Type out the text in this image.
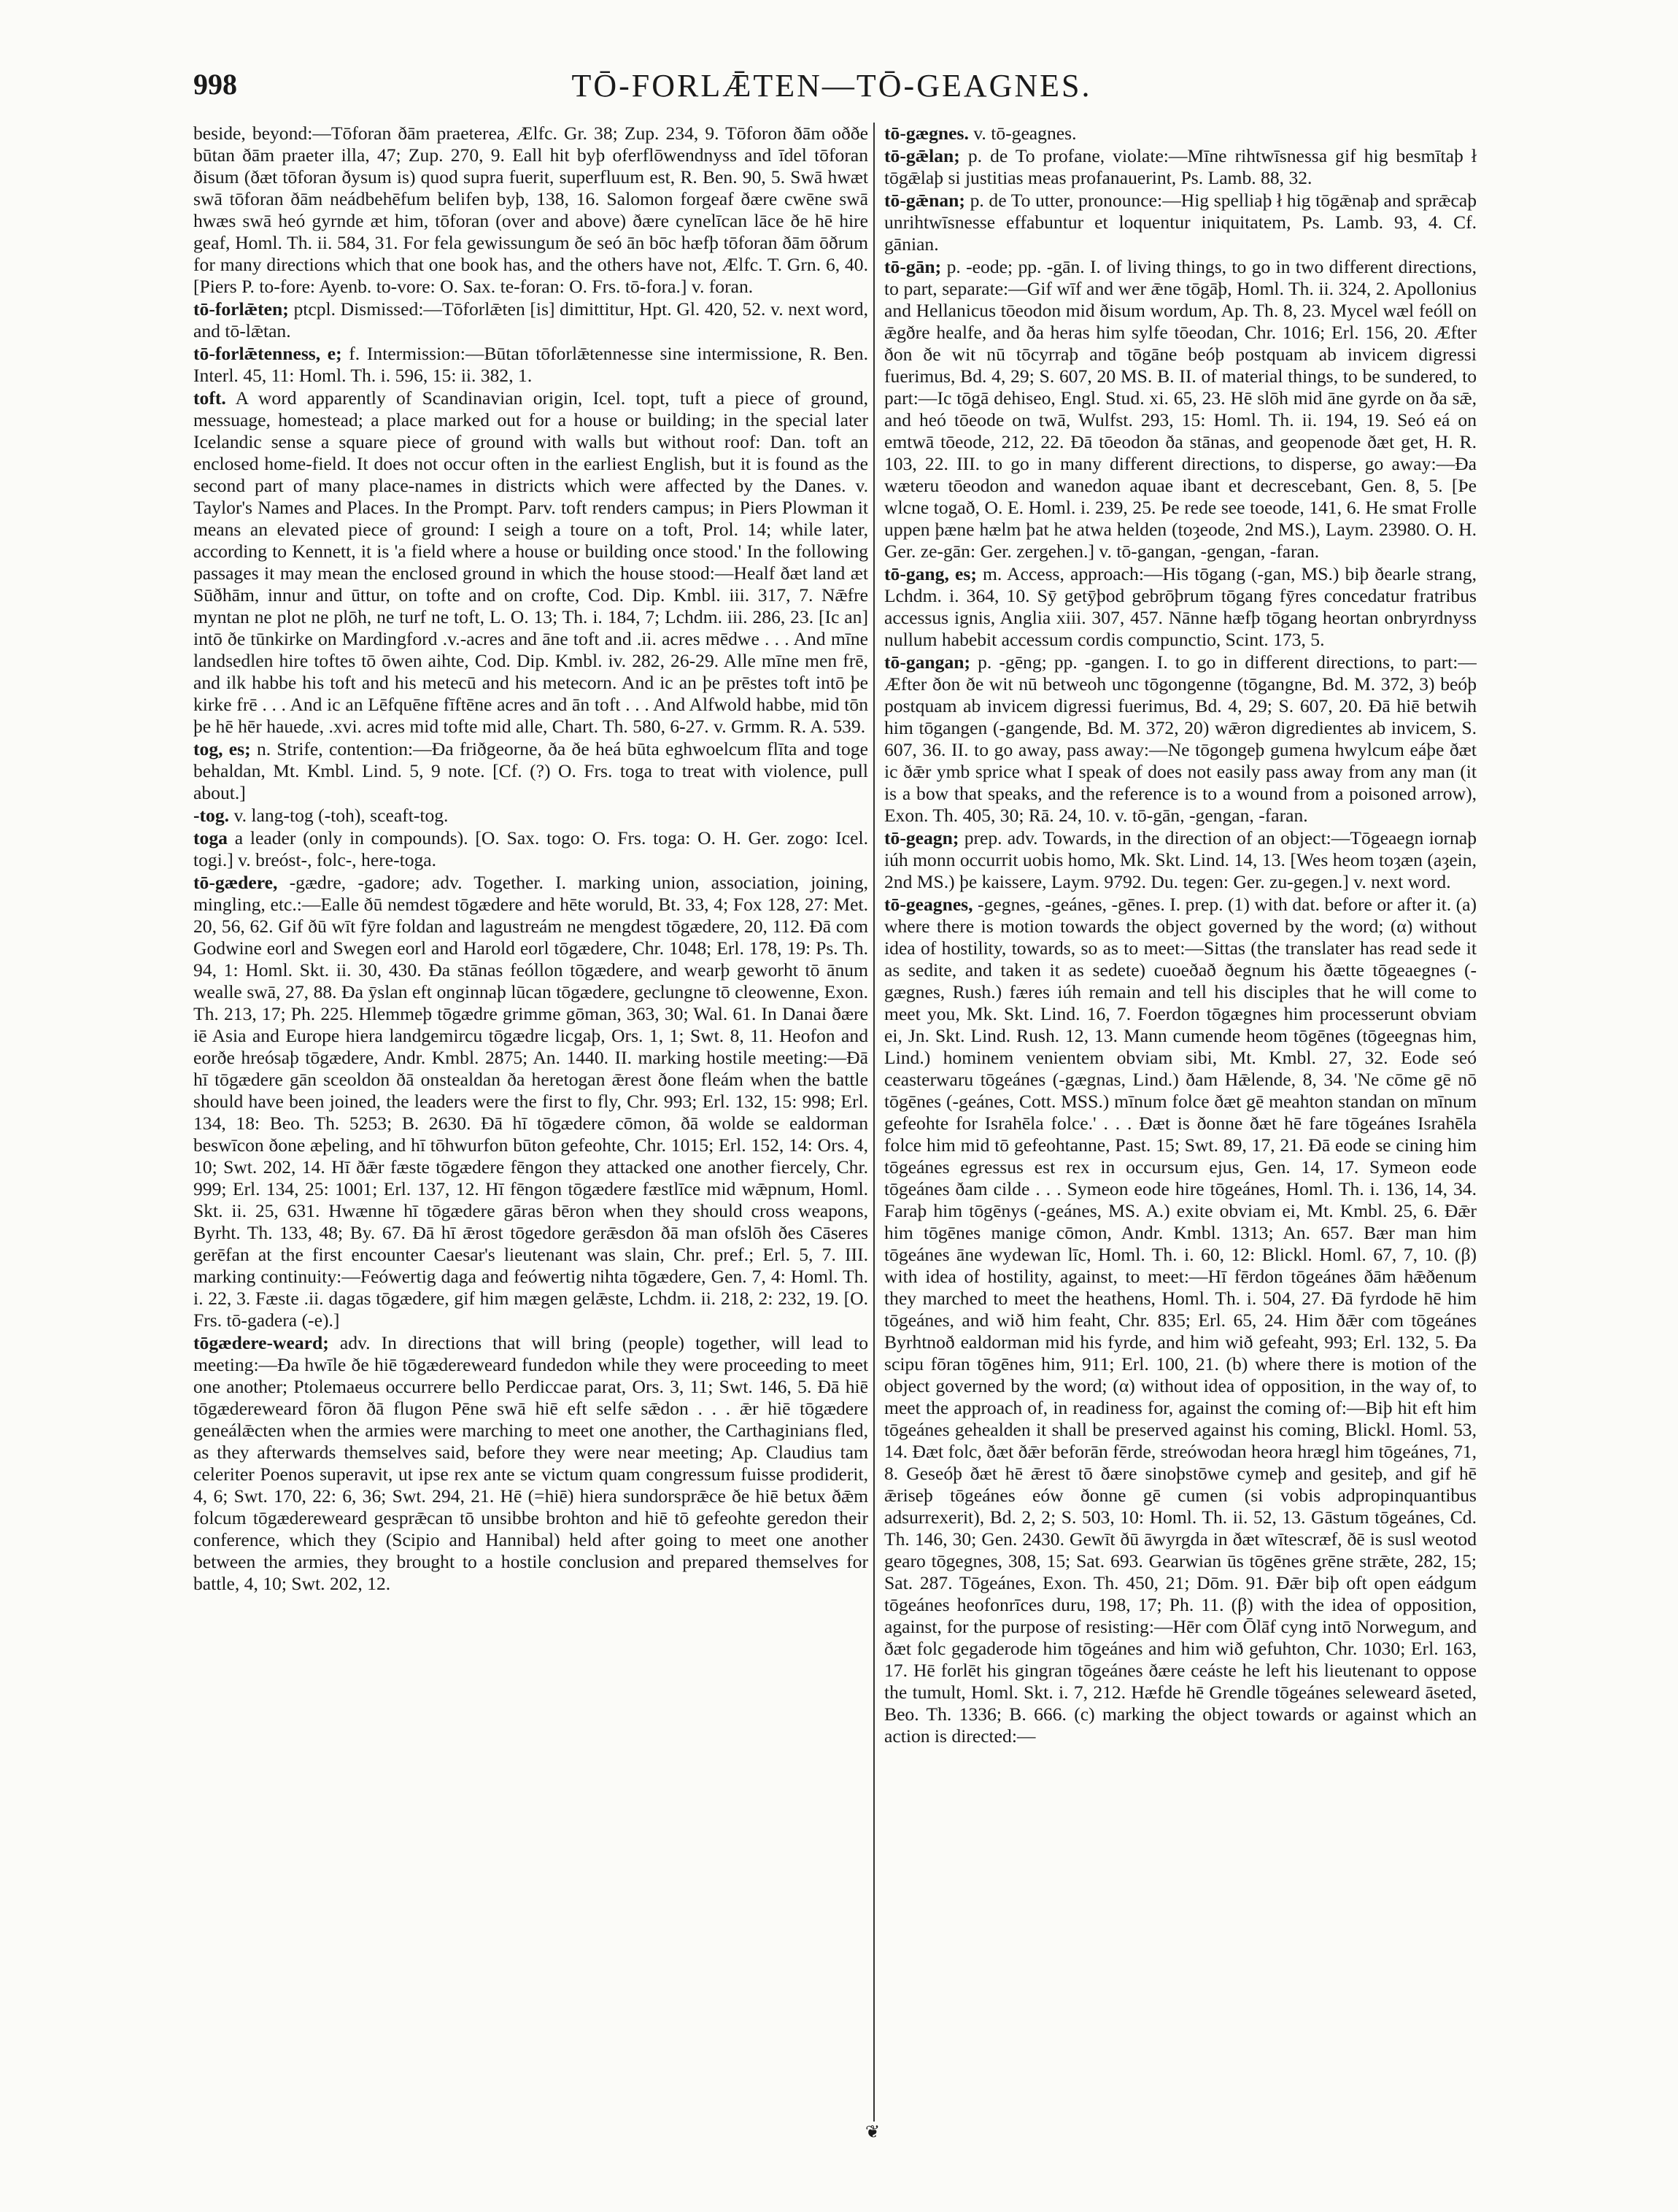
998	TŌ-FORLǢTEN—TŌ-GEAGNES.

beside, beyond:—Tōforan ðām praeterea, Ælfc. Gr. 38; Zup. 234, 9. Tōforon ðām oððe būtan ðām praeter illa, 47; Zup. 270, 9. Eall hit byþ oferflōwendnyss and īdel tōforan ðisum (ðæt tōforan ðysum is) quod supra fuerit, superfluum est, R. Ben. 90, 5. Swā hwæt swā tōforan ðām neádbehēfum belifen byþ, 138, 16. Salomon forgeaf ðære cwēne swā hwæs swā heó gyrnde æt him, tōforan (over and above) ðære cynelīcan lāce ðe hē hire geaf, Homl. Th. ii. 584, 31. For fela gewissungum ðe seó ān bōc hæfþ tōforan ðām ōðrum for many directions which that one book has, and the others have not, Ælfc. T. Grn. 6, 40. [Piers P. to-fore: Ayenb. to-vore: O. Sax. te-foran: O. Frs. tō-fora.] v. foran.

tō-forlǣten; ptcpl. Dismissed:—Tōforlǣten [is] dimittitur, Hpt. Gl. 420, 52. v. next word, and tō-lǣtan.

tō-forlǣtenness, e; f. Intermission:—Būtan tōforlǣtennesse sine intermissione, R. Ben. Interl. 45, 11: Homl. Th. i. 596, 15: ii. 382, 1.

toft. A word apparently of Scandinavian origin, Icel. topt, tuft a piece of ground, messuage, homestead; a place marked out for a house or building; in the special later Icelandic sense a square piece of ground with walls but without roof: Dan. toft an enclosed home-field. It does not occur often in the earliest English, but it is found as the second part of many place-names in districts which were affected by the Danes. v. Taylor's Names and Places. In the Prompt. Parv. toft renders campus; in Piers Plowman it means an elevated piece of ground: I seigh a toure on a toft, Prol. 14; while later, according to Kennett, it is 'a field where a house or building once stood.' In the following passages it may mean the enclosed ground in which the house stood:—Healf ðæt land æt Sūðhām, innur and ūttur, on tofte and on crofte, Cod. Dip. Kmbl. iii. 317, 7. Nǣfre myntan ne plot ne plōh, ne turf ne toft, L. O. 13; Th. i. 184, 7; Lchdm. iii. 286, 23. [Ic an] intō ðe tūnkirke on Mardingford .v.-acres and āne toft and .ii. acres mēdwe . . . And mīne landsedlen hire toftes tō ōwen aihte, Cod. Dip. Kmbl. iv. 282, 26-29. Alle mīne men frē, and ilk habbe his toft and his metecū and his metecorn. And ic an þe prēstes toft intō þe kirke frē . . . And ic an Lēfquēne fīftēne acres and ān toft . . . And Alfwold habbe, mid tōn þe hē hēr hauede, .xvi. acres mid tofte mid alle, Chart. Th. 580, 6-27. v. Grmm. R. A. 539.

tog, es; n. Strife, contention:—Ða friðgeorne, ða ðe heá būta eghwoelcum flīta and toge behaldan, Mt. Kmbl. Lind. 5, 9 note. [Cf. (?) O. Frs. toga to treat with violence, pull about.]

-tog. v. lang-tog (-toh), sceaft-tog.

toga a leader (only in compounds). [O. Sax. togo: O. Frs. toga: O. H. Ger. zogo: Icel. togi.] v. breóst-, folc-, here-toga.

tō-gædere, -gædre, -gadore; adv. Together. I. marking union, association, joining, mingling, etc.:—Ealle ðū nemdest tōgædere and hēte woruld, Bt. 33, 4; Fox 128, 27: Met. 20, 56, 62. Gif ðū wīt fȳre foldan and lagustreám ne mengdest tōgædere, 20, 112. Ðā com Godwine eorl and Swegen eorl and Harold eorl tōgædere, Chr. 1048; Erl. 178, 19: Ps. Th. 94, 1: Homl. Skt. ii. 30, 430. Ða stānas feóllon tōgædere, and wearþ geworht tō ānum wealle swā, 27, 88. Ða ȳslan eft onginnaþ lūcan tōgædere, geclungne tō cleowenne, Exon. Th. 213, 17; Ph. 225. Hlemmeþ tōgædre grimme gōman, 363, 30; Wal. 61. In Danai ðære iē Asia and Europe hiera landgemircu tōgædre licgaþ, Ors. 1, 1; Swt. 8, 11. Heofon and eorðe hreósaþ tōgædere, Andr. Kmbl. 2875; An. 1440. II. marking hostile meeting:—Ðā hī tōgædere gān sceoldon ðā onstealdan ða heretogan ǣrest ðone fleám when the battle should have been joined, the leaders were the first to fly, Chr. 993; Erl. 132, 15: 998; Erl. 134, 18: Beo. Th. 5253; B. 2630. Ðā hī tōgædere cōmon, ðā wolde se ealdorman beswīcon ðone æþeling, and hī tōhwurfon būton gefeohte, Chr. 1015; Erl. 152, 14: Ors. 4, 10; Swt. 202, 14. Hī ðǣr fæste tōgædere fēngon they attacked one another fiercely, Chr. 999; Erl. 134, 25: 1001; Erl. 137, 12. Hī fēngon tōgædere fæstlīce mid wǣpnum, Homl. Skt. ii. 25, 631. Hwænne hī tōgædere gāras bēron when they should cross weapons, Byrht. Th. 133, 48; By. 67. Ðā hī ǣrost tōgedore gerǣsdon ðā man ofslōh ðes Cāseres gerēfan at the first encounter Caesar's lieutenant was slain, Chr. pref.; Erl. 5, 7. III. marking continuity:—Feówertig daga and feówertig nihta tōgædere, Gen. 7, 4: Homl. Th. i. 22, 3. Fæste .ii. dagas tōgædere, gif him mægen gelǣste, Lchdm. ii. 218, 2: 232, 19. [O. Frs. tō-gadera (-e).]

tōgædere-weard; adv. In directions that will bring (people) together, will lead to meeting:—Ða hwīle ðe hiē tōgædereweard fundedon while they were proceeding to meet one another; Ptolemaeus occurrere bello Perdiccae parat, Ors. 3, 11; Swt. 146, 5. Ðā hiē tōgædereweard fōron ðā flugon Pēne swā hiē eft selfe sǣdon . . . ǣr hiē tōgædere geneálǣcten when the armies were marching to meet one another, the Carthaginians fled, as they afterwards themselves said, before they were near meeting; Ap. Claudius tam celeriter Poenos superavit, ut ipse rex ante se victum quam congressum fuisse prodiderit, 4, 6; Swt. 170, 22: 6, 36; Swt. 294, 21. Hē (=hiē) hiera sundorsprǣce ðe hiē betux ðǣm folcum tōgædereweard gesprǣcan tō unsibbe brohton and hiē tō gefeohte geredon their conference, which they (Scipio and Hannibal) held after going to meet one another between the armies, they brought to a hostile conclusion and prepared themselves for battle, 4, 10; Swt. 202, 12.

tō-gægnes. v. tō-geagnes.

tō-gǣlan; p. de To profane, violate:—Mīne rihtwīsnessa gif hig besmītaþ ł tōgǣlaþ si justitias meas profanauerint, Ps. Lamb. 88, 32.

tō-gǣnan; p. de To utter, pronounce:—Hig spelliaþ ł hig tōgǣnaþ and sprǣcaþ unrihtwīsnesse effabuntur et loquentur iniquitatem, Ps. Lamb. 93, 4. Cf. gānian.

tō-gān; p. -eode; pp. -gān. I. of living things, to go in two different directions, to part, separate:—Gif wīf and wer ǣne tōgāþ, Homl. Th. ii. 324, 2. Apollonius and Hellanicus tōeodon mid ðisum wordum, Ap. Th. 8, 23. Mycel wæl feóll on ǣgðre healfe, and ða heras him sylfe tōeodan, Chr. 1016; Erl. 156, 20. Æfter ðon ðe wit nū tōcyrraþ and tōgāne beóþ postquam ab invicem digressi fuerimus, Bd. 4, 29; S. 607, 20 MS. B. II. of material things, to be sundered, to part:—Ic tōgā dehiseo, Engl. Stud. xi. 65, 23. Hē slōh mid āne gyrde on ða sǣ, and heó tōeode on twā, Wulfst. 293, 15: Homl. Th. ii. 194, 19. Seó eá on emtwā tōeode, 212, 22. Ðā tōeodon ða stānas, and geopenode ðæt get, H. R. 103, 22. III. to go in many different directions, to disperse, go away:—Ða wæteru tōeodon and wanedon aquae ibant et decrescebant, Gen. 8, 5. [Þe wlcne togað, O. E. Homl. i. 239, 25. Þe rede see toeode, 141, 6. He smat Frolle uppen þæne hælm þat he atwa helden (toȝeode, 2nd MS.), Laym. 23980. O. H. Ger. ze-gān: Ger. zergehen.] v. tō-gangan, -gengan, -faran.

tō-gang, es; m. Access, approach:—His tōgang (-gan, MS.) biþ ðearle strang, Lchdm. i. 364, 10. Sȳ getȳþod gebrōþrum tōgang fȳres concedatur fratribus accessus ignis, Anglia xiii. 307, 457. Nānne hæfþ tōgang heortan onbryrdnyss nullum habebit accessum cordis compunctio, Scint. 173, 5.

tō-gangan; p. -gēng; pp. -gangen. I. to go in different directions, to part:—Æfter ðon ðe wit nū betweoh unc tōgongenne (tōgangne, Bd. M. 372, 3) beóþ postquam ab invicem digressi fuerimus, Bd. 4, 29; S. 607, 20. Ðā hiē betwih him tōgangen (-gangende, Bd. M. 372, 20) wǣron digredientes ab invicem, S. 607, 36. II. to go away, pass away:—Ne tōgongeþ gumena hwylcum eáþe ðæt ic ðǣr ymb sprice what I speak of does not easily pass away from any man (it is a bow that speaks, and the reference is to a wound from a poisoned arrow), Exon. Th. 405, 30; Rā. 24, 10. v. tō-gān, -gengan, -faran.

tō-geagn; prep. adv. Towards, in the direction of an object:—Tōgeaegn iornaþ iúh monn occurrit uobis homo, Mk. Skt. Lind. 14, 13. [Wes heom toȝæn (aȝein, 2nd MS.) þe kaissere, Laym. 9792. Du. tegen: Ger. zu-gegen.] v. next word.

tō-geagnes, -gegnes, -geánes, -gēnes. I. prep. (1) with dat. before or after it. (a) where there is motion towards the object governed by the word; (α) without idea of hostility, towards, so as to meet:—Sittas (the translater has read sede it as sedite, and taken it as sedete) cuoeðað ðegnum his ðætte tōgeaegnes (-gægnes, Rush.) færes iúh remain and tell his disciples that he will come to meet you, Mk. Skt. Lind. 16, 7. Foerdon tōgægnes him processerunt obviam ei, Jn. Skt. Lind. Rush. 12, 13. Mann cumende heom tōgēnes (tōgeegnas him, Lind.) hominem venientem obviam sibi, Mt. Kmbl. 27, 32. Eode seó ceasterwaru tōgeánes (-gægnas, Lind.) ðam Hǣlende, 8, 34. 'Ne cōme gē nō tōgēnes (-geánes, Cott. MSS.) mīnum folce ðæt gē meahton standan on mīnum gefeohte for Israhēla folce.' . . . Ðæt is ðonne ðæt hē fare tōgeánes Israhēla folce him mid tō gefeohtanne, Past. 15; Swt. 89, 17, 21. Ðā eode se cining him tōgeánes egressus est rex in occursum ejus, Gen. 14, 17. Symeon eode tōgeánes ðam cilde . . . Symeon eode hire tōgeánes, Homl. Th. i. 136, 14, 34. Faraþ him tōgēnys (-geánes, MS. A.) exite obviam ei, Mt. Kmbl. 25, 6. Ðǣr him tōgēnes manige cōmon, Andr. Kmbl. 1313; An. 657. Bær man him tōgeánes āne wydewan līc, Homl. Th. i. 60, 12: Blickl. Homl. 67, 7, 10. (β) with idea of hostility, against, to meet:—Hī fērdon tōgeánes ðām hǣðenum they marched to meet the heathens, Homl. Th. i. 504, 27. Ðā fyrdode hē him tōgeánes, and wið him feaht, Chr. 835; Erl. 65, 24. Him ðǣr com tōgeánes Byrhtnoð ealdorman mid his fyrde, and him wið gefeaht, 993; Erl. 132, 5. Ða scipu fōran tōgēnes him, 911; Erl. 100, 21. (b) where there is motion of the object governed by the word; (α) without idea of opposition, in the way of, to meet the approach of, in readiness for, against the coming of:—Biþ hit eft him tōgeánes gehealden it shall be preserved against his coming, Blickl. Homl. 53, 14. Ðæt folc, ðæt ðǣr beforān fērde, streówodan heora hrægl him tōgeánes, 71, 8. Geseóþ ðæt hē ǣrest tō ðære sinoþstōwe cymeþ and gesiteþ, and gif hē ǣriseþ tōgeánes eów ðonne gē cumen (si vobis adpropinquantibus adsurrexerit), Bd. 2, 2; S. 503, 10: Homl. Th. ii. 52, 13. Gāstum tōgeánes, Cd. Th. 146, 30; Gen. 2430. Gewīt ðū āwyrgda in ðæt wītescræf, ðē is susl weotod gearo tōgegnes, 308, 15; Sat. 693. Gearwian ūs tōgēnes grēne strǣte, 282, 15; Sat. 287. Tōgeánes, Exon. Th. 450, 21; Dōm. 91. Ðǣr biþ oft open eádgum tōgeánes heofonrīces duru, 198, 17; Ph. 11. (β) with the idea of opposition, against, for the purpose of resisting:—Hēr com Ōlāf cyng intō Norwegum, and ðæt folc gegaderode him tōgeánes and him wið gefuhton, Chr. 1030; Erl. 163, 17. Hē forlēt his gingran tōgeánes ðære ceáste he left his lieutenant to oppose the tumult, Homl. Skt. i. 7, 212. Hæfde hē Grendle tōgeánes seleweard āseted, Beo. Th. 1336; B. 666. (c) marking the object towards or against which an action is directed:—

❦
